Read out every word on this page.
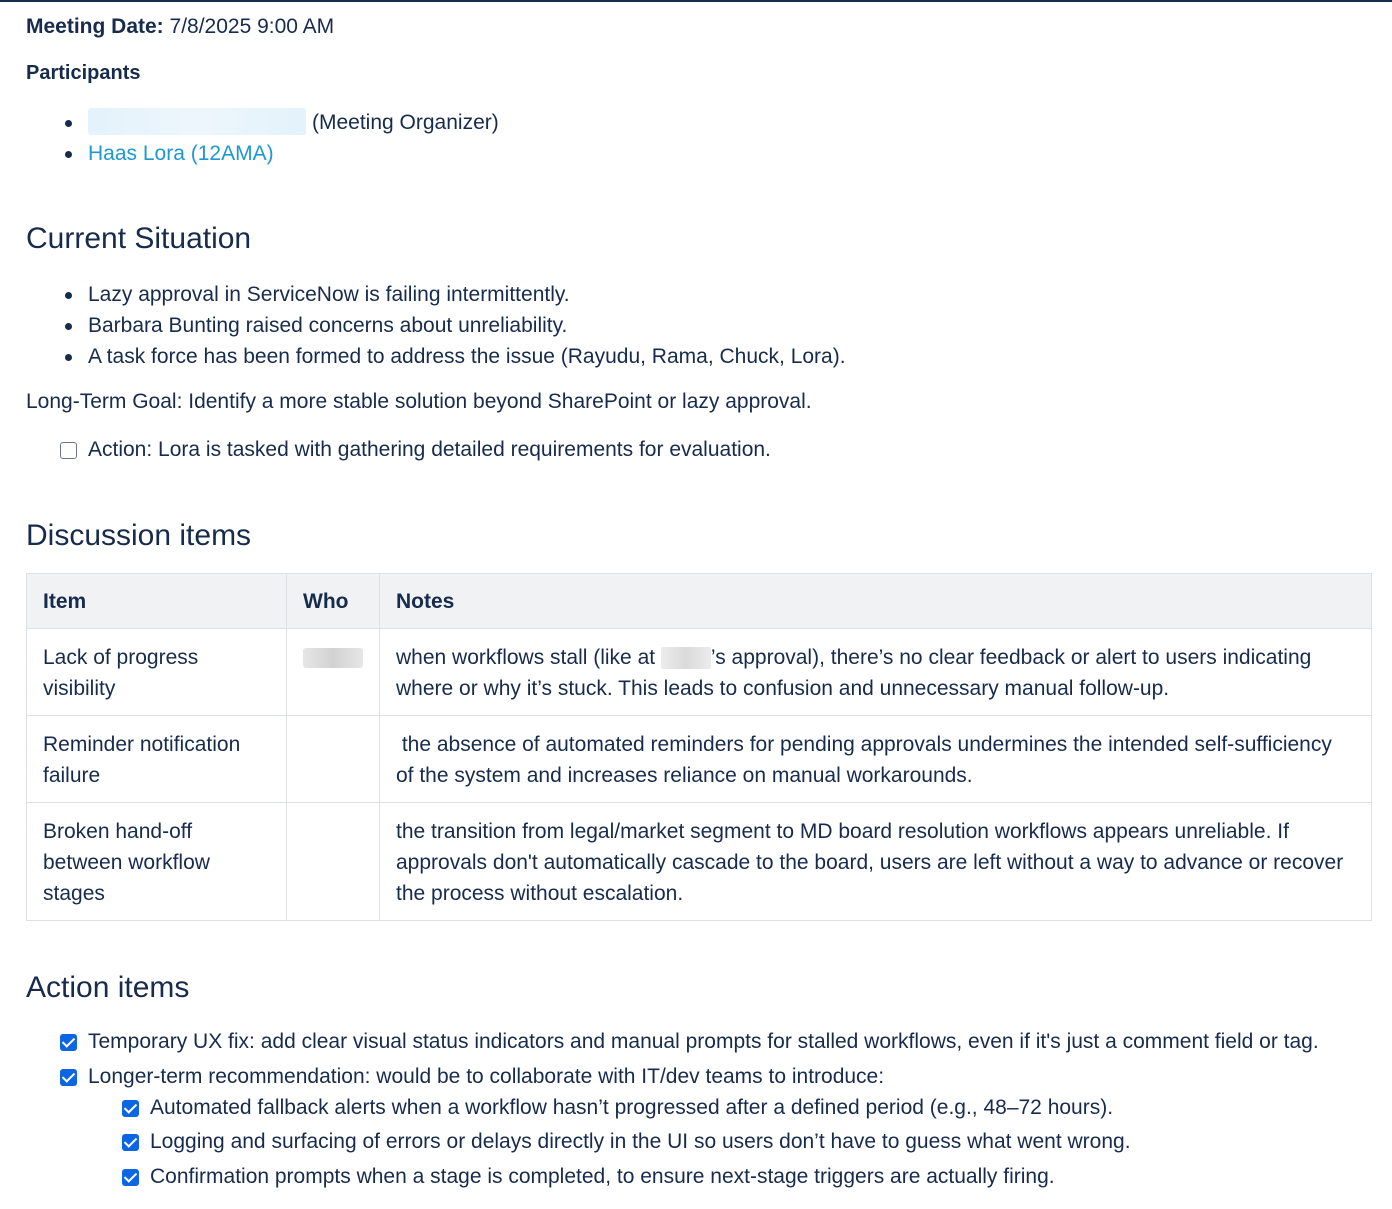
Meeting Date: 7/8/2025 9:00 AM
Participants
(Meeting Organizer)
Haas Lora (12AMA)
Current Situation
Lazy approval in ServiceNow is failing intermittently.
Barbara Bunting raised concerns about unreliability.
A task force has been formed to address the issue (Rayudu, Rama, Chuck, Lora).
Long-Term Goal: Identify a more stable solution beyond SharePoint or lazy approval.
Action: Lora is tasked with gathering detailed requirements for evaluation.
Discussion items
Item	Who	Notes
Lack of progress visibility		when workflows stall (like at ’s approval), there’s no clear feedback or alert to users indicating where or why it’s stuck. This leads to confusion and unnecessary manual follow-up.
Reminder notification failure		the absence of automated reminders for pending approvals undermines the intended self-sufficiency of the system and increases reliance on manual workarounds.
Broken hand-off between workflow stages		the transition from legal/market segment to MD board resolution workflows appears unreliable. If approvals don't automatically cascade to the board, users are left without a way to advance or recover the process without escalation.
Action items
Temporary UX fix: add clear visual status indicators and manual prompts for stalled workflows, even if it's just a comment field or tag.
Longer-term recommendation: would be to collaborate with IT/dev teams to introduce:
Automated fallback alerts when a workflow hasn’t progressed after a defined period (e.g., 48–72 hours).
Logging and surfacing of errors or delays directly in the UI so users don’t have to guess what went wrong.
Confirmation prompts when a stage is completed, to ensure next-stage triggers are actually firing.
